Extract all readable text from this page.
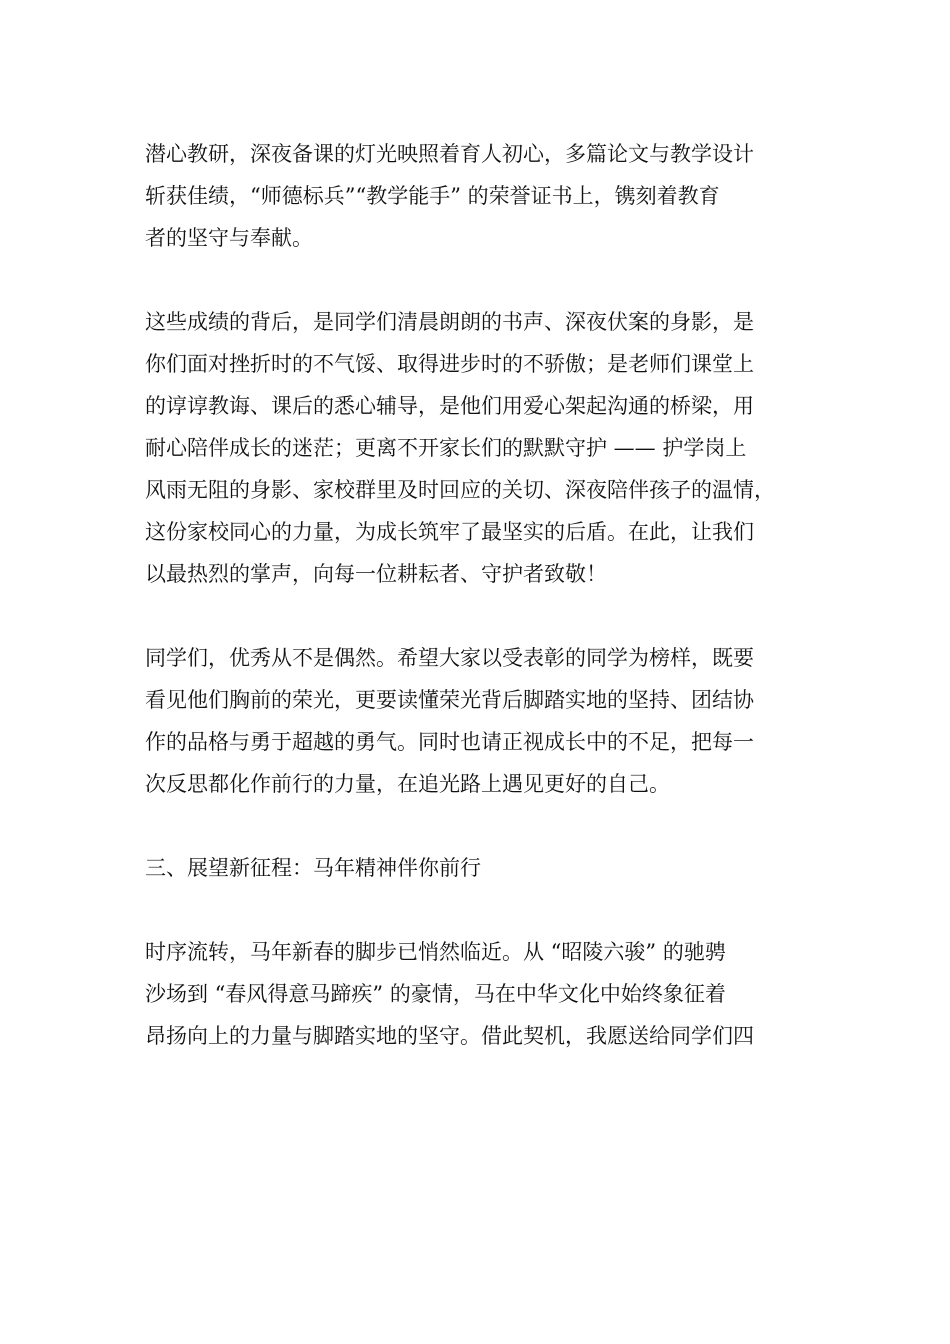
潜心教研，深夜备课的灯光映照着育人初心，多篇论文与教学设计
斩获佳绩，“师德标兵”“教学能手” 的荣誉证书上，镌刻着教育
者的坚守与奉献。
这些成绩的背后，是同学们清晨朗朗的书声、深夜伏案的身影，是
你们面对挫折时的不气馁、取得进步时的不骄傲；是老师们课堂上
的谆谆教诲、课后的悉心辅导，是他们用爱心架起沟通的桥梁，用
耐心陪伴成长的迷茫；更离不开家长们的默默守护 —— 护学岗上
风雨无阻的身影、家校群里及时回应的关切、深夜陪伴孩子的温情，
这份家校同心的力量，为成长筑牢了最坚实的后盾。在此，让我们
以最热烈的掌声，向每一位耕耘者、守护者致敬！
同学们，优秀从不是偶然。希望大家以受表彰的同学为榜样，既要
看见他们胸前的荣光，更要读懂荣光背后脚踏实地的坚持、团结协
作的品格与勇于超越的勇气。同时也请正视成长中的不足，把每一
次反思都化作前行的力量，在追光路上遇见更好的自己。
三、展望新征程：马年精神伴你前行
时序流转，马年新春的脚步已悄然临近。从 “昭陵六骏” 的驰骋
沙场到 “春风得意马蹄疾” 的豪情，马在中华文化中始终象征着
昂扬向上的力量与脚踏实地的坚守。借此契机，我愿送给同学们四
